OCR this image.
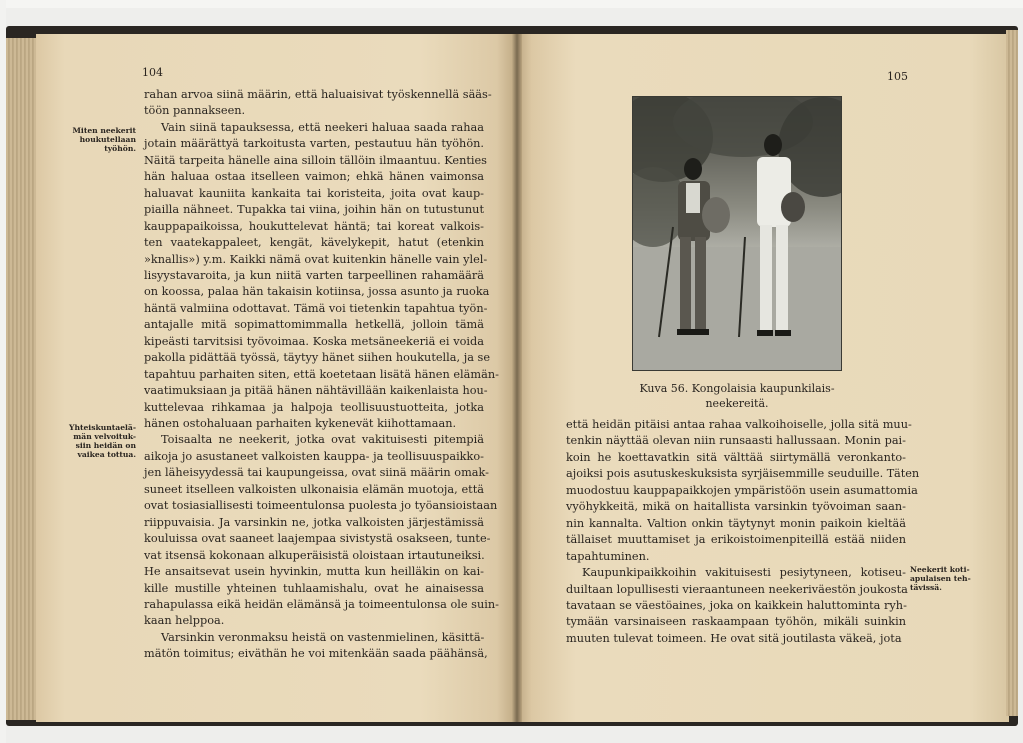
104
Miten neekerit
houkutellaan
työhön.
Yhteiskuntaelä-
män velvoituk-
siin heidän on
vaikea tottua.
rahan arvoa siinä määrin, että haluaisivat työskennellä sääs-
töön pannakseen.
Vain siinä tapauksessa, että neekeri haluaa saada rahaa
jotain määrättyä tarkoitusta varten, pestautuu hän työhön.
Näitä tarpeita hänelle aina silloin tällöin ilmaantuu. Kenties
hän haluaa ostaa itselleen vaimon; ehkä hänen vaimonsa
haluavat kauniita kankaita tai koristeita, joita ovat kaup-
piailla nähneet. Tupakka tai viina, joihin hän on tutustunut
kauppapaikoissa, houkuttelevat häntä; tai koreat valkois-
ten vaatekappaleet, kengät, kävelykepit, hatut (etenkin
»knallis») y.m. Kaikki nämä ovat kuitenkin hänelle vain ylel-
lisyystavaroita, ja kun niitä varten tarpeellinen rahamäärä
on koossa, palaa hän takaisin kotiinsa, jossa asunto ja ruoka
häntä valmiina odottavat. Tämä voi tietenkin tapahtua työn-
antajalle mitä sopimattomimmalla hetkellä, jolloin tämä
kipeästi tarvitsisi työvoimaa. Koska metsäneekeriä ei voida
pakolla pidättää työssä, täytyy hänet siihen houkutella, ja se
tapahtuu parhaiten siten, että koetetaan lisätä hänen elämän-
vaatimuksiaan ja pitää hänen nähtävillään kaikenlaista hou-
kuttelevaa rihkamaa ja halpoja teollisuustuotteita, jotka
hänen ostohaluaan parhaiten kykenevät kiihottamaan.
Toisaalta ne neekerit, jotka ovat vakituisesti pitempiä
aikoja jo asustaneet valkoisten kauppa- ja teollisuuspaikko-
jen läheisyydessä tai kaupungeissa, ovat siinä määrin omak-
suneet itselleen valkoisten ulkonaisia elämän muotoja, että
ovat tosiasiallisesti toimeentulonsa puolesta jo työansioistaan
riippuvaisia. Ja varsinkin ne, jotka valkoisten järjestämissä
kouluissa ovat saaneet laajempaa sivistystä osakseen, tunte-
vat itsensä kokonaan alkuperäisistä oloistaan irtautuneiksi.
He ansaitsevat usein hyvinkin, mutta kun heilläkin on kai-
kille mustille yhteinen tuhlaamishalu, ovat he ainaisessa
rahapulassa eikä heidän elämänsä ja toimeentulonsa ole suin-
kaan helppoa.
Varsinkin veronmaksu heistä on vastenmielinen, käsittä-
mätön toimitus; eiväthän he voi mitenkään saada päähänsä,
105
Kuva 56. Kongolaisia kaupunkilais-
neekereitä.
Neekerit koti-
apulaisen teh-
tävissä.
että heidän pitäisi antaa rahaa valkoihoiselle, jolla sitä muu-
tenkin näyttää olevan niin runsaasti hallussaan. Monin pai-
koin he koettavatkin sitä välttää siirtymällä veronkanto-
ajoiksi pois asutuskeskuksista syrjäisemmille seuduille. Täten
muodostuu kauppapaikkojen ympäristöön usein asumattomia
vyöhykkeitä, mikä on haitallista varsinkin työvoiman saan-
nin kannalta. Valtion onkin täytynyt monin paikoin kieltää
tällaiset muuttamiset ja erikoistoimenpiteillä estää niiden
tapahtuminen.
Kaupunkipaikkoihin vakituisesti pesiytyneen, kotiseu-
duiltaan lopullisesti vieraantuneen neekeriväestön joukosta
tavataan se väestöaines, joka on kaikkein haluttominta ryh-
tymään varsinaiseen raskaampaan työhön, mikäli suinkin
muuten tulevat toimeen. He ovat sitä joutilasta väkeä, jota
